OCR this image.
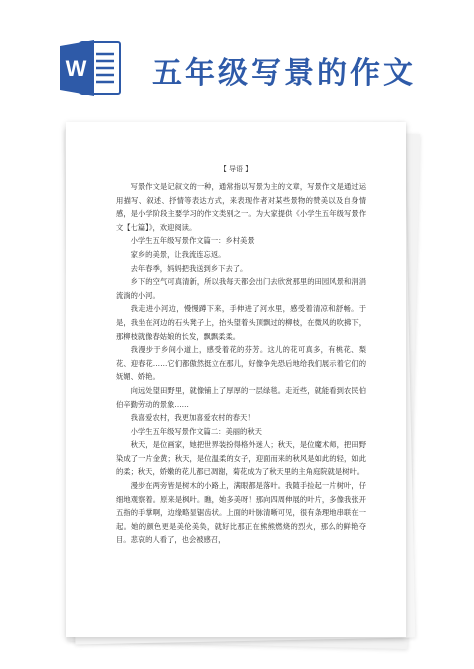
W 五年级写景的作文
【 导语 】

写景作文是记叙文的一种，通常指以写景为主的文章，写景作文是通过运用描写、叙述、抒情等表达方式，来表现作者对某些景物的赞美以及自身情感，是小学阶段主要学习的作文类别之一。为大家提供《小学生五年级写景作文【七篇】》，欢迎阅读。

小学生五年级写景作文篇一：乡村美景

家乡的美景，让我流连忘返。

去年春季，妈妈把我送到乡下去了。

乡下的空气可真清新，所以我每天都会出门去欣赏那里的田园风景和涓涓流淌的小河。

我走进小河边，慢慢蹲下来，手伸进了河水里，感受着清凉和舒畅。于是，我坐在河边的石头凳子上，抬头望着头顶飘过的柳枝，在微风的吹拂下，那柳枝就像春姑娘的长发，飘飘柔柔。

我漫步于乡间小道上，感受着花的芬芳。这儿的花可真多，有桃花、梨花、迎春花……它们都傲然挺立在那儿，好像争先恐后地给我们展示着它们的妩媚、娇艳。

向远处望田野里，就像铺上了厚厚的一层绿毯。走近些，就能看到农民伯伯辛勤劳动的景象……

我喜爱农村，我更加喜爱农村的春天！

小学生五年级写景作文篇二：美丽的秋天

秋天，是位画家，她把世界装扮得格外迷人；秋天，是位魔术师，把田野染成了一片金黄；秋天，是位温柔的女子，迎面而来的秋风是如此的轻，如此的柔；秋天，娇嫩的花儿都已凋谢，菊花成为了秋天里的主角庭院就是树叶。

漫步在两旁皆是树木的小路上，满眼都是落叶。我随手捡起一片树叶，仔细地观察着。原来是枫叶。瞧，她多美呀！那向四周伸展的叶片，多像我张开五指的手掌啊，边缘略显锯齿状。上面的叶脉清晰可见，很有条理地串联在一起。她的颜色更是美伦美奂，就好比那正在熊熊燃烧的烈火，那么的鲜艳夺目。悲哀的人看了，也会被感召，
